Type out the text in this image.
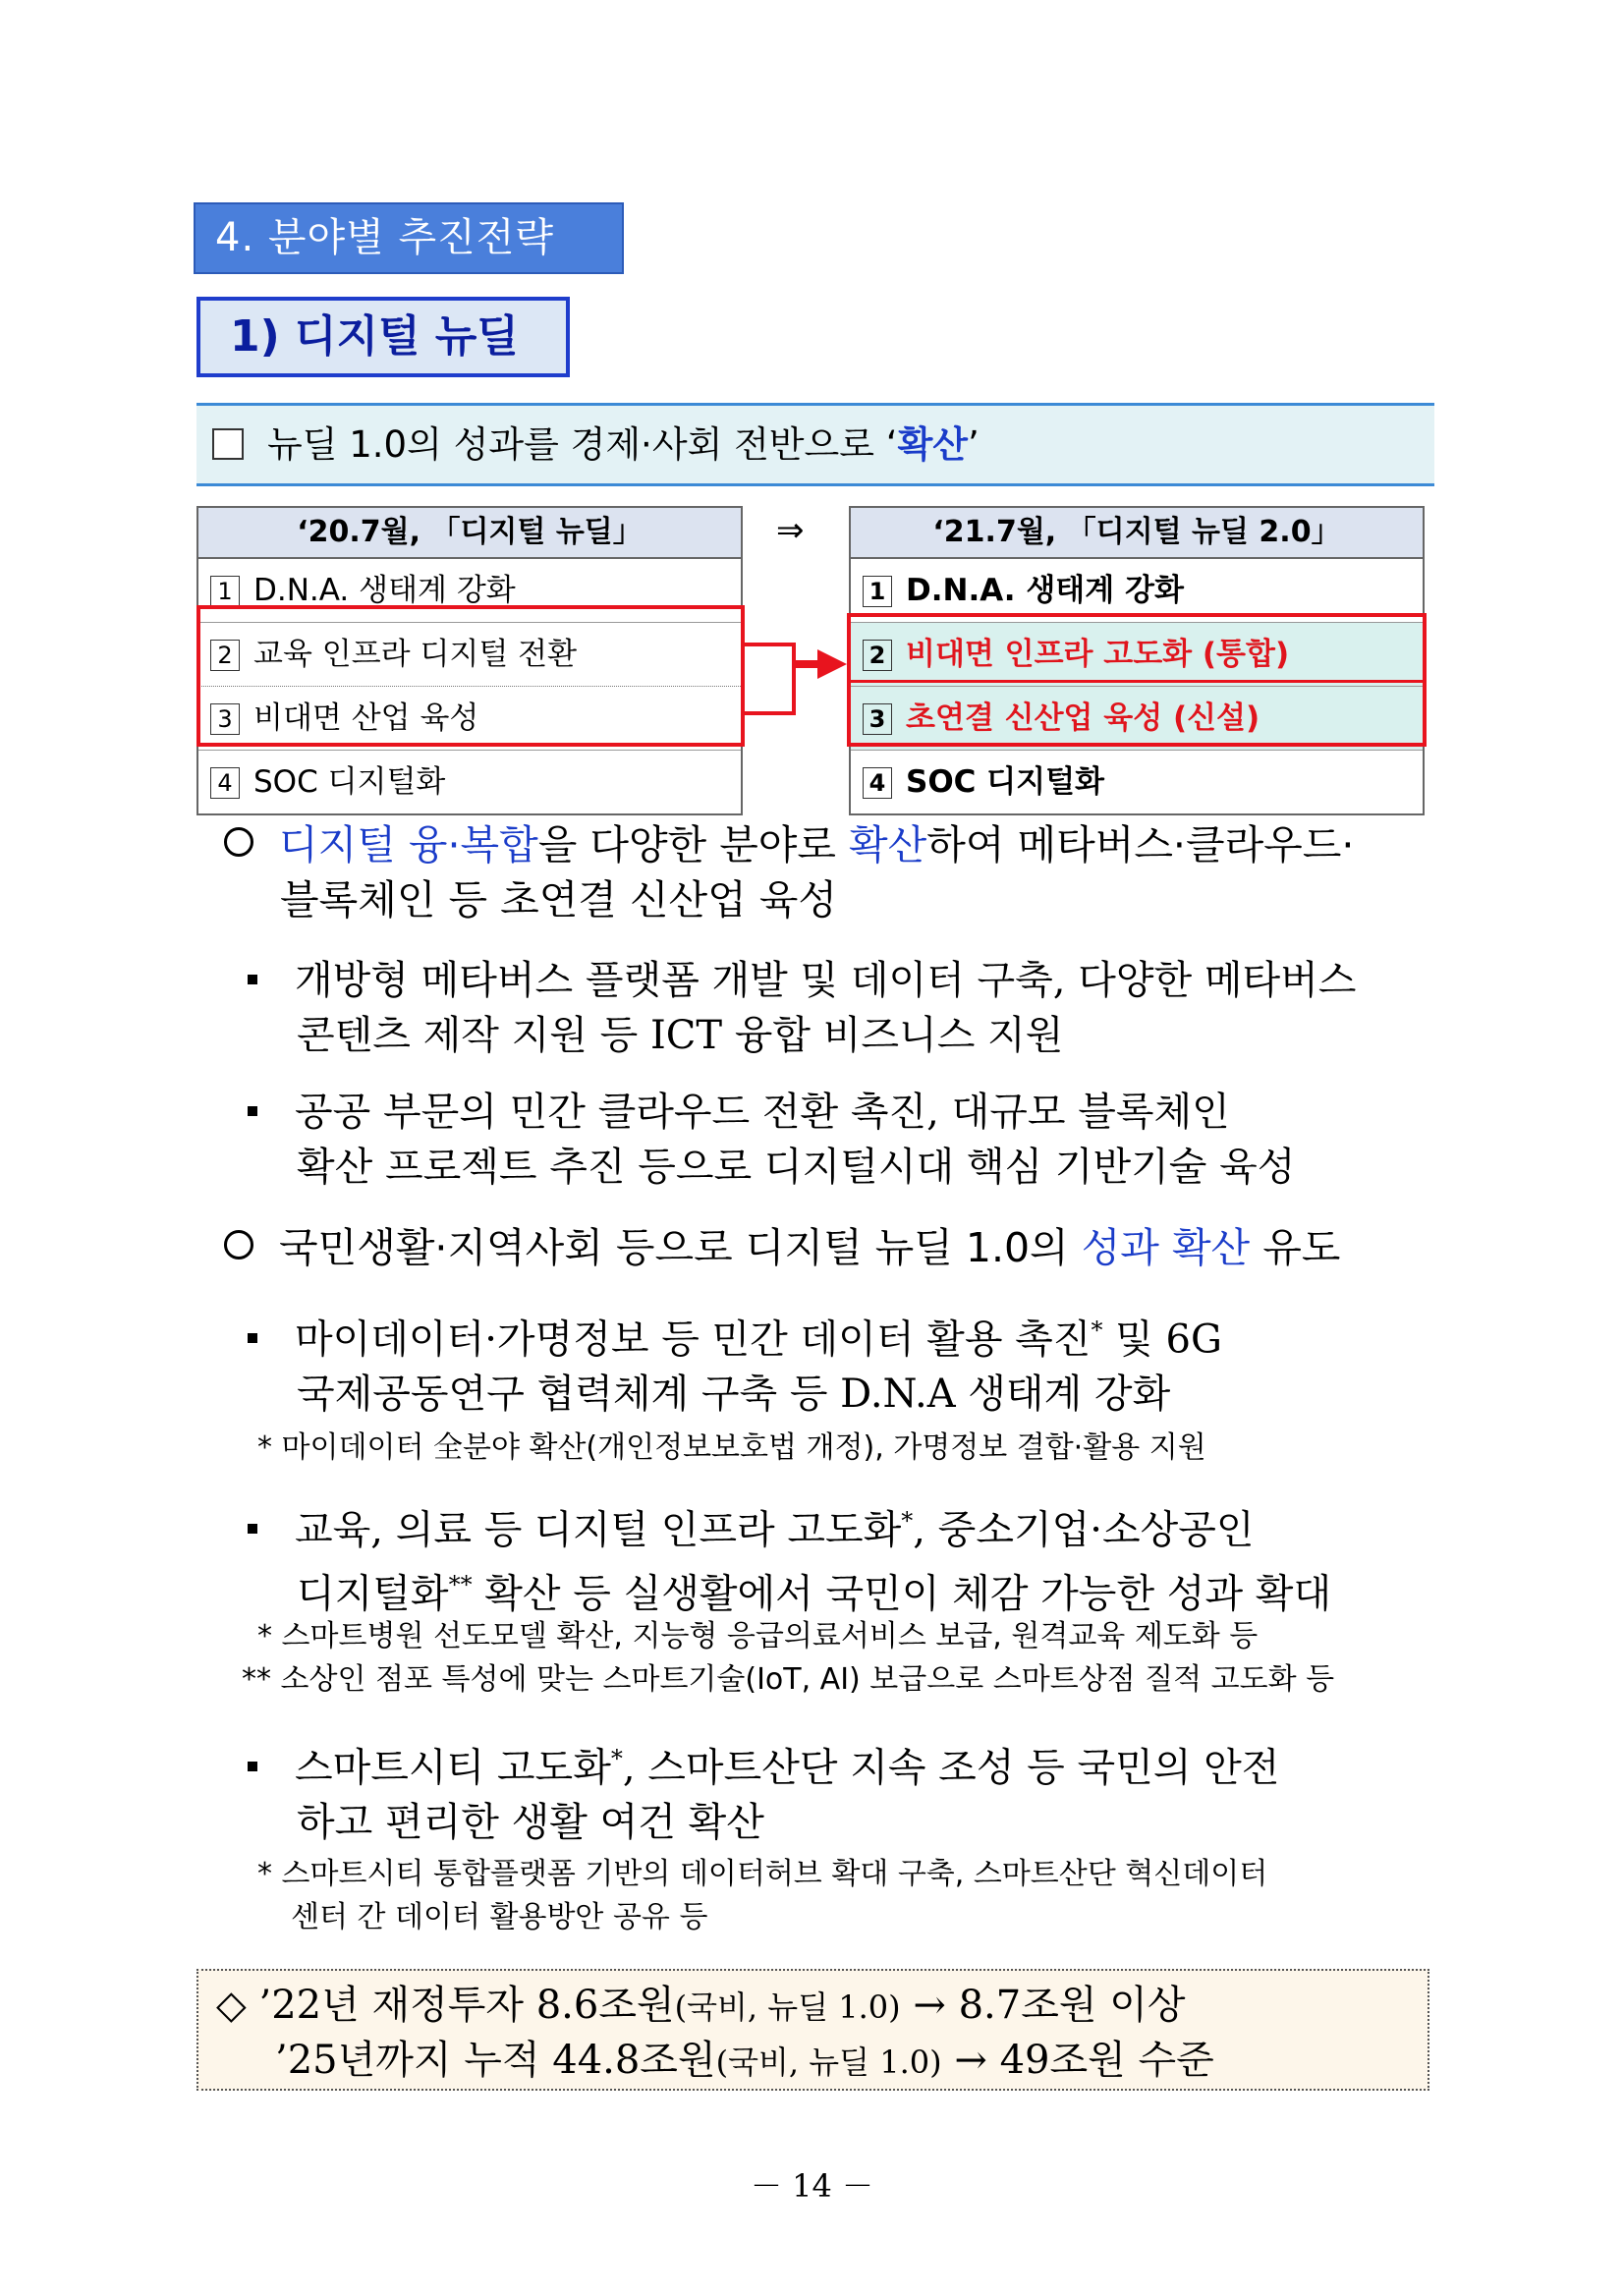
4. 분야별 추진전략
1) 디지털 뉴딜
뉴딜 1.0의 성과를 경제·사회 전반으로 ‘확산’
‘20.7월, 「디지털 뉴딜」
1 D.N.A. 생태계 강화
2 교육 인프라 디지털 전환
3 비대면 산업 육성
4 SOC 디지털화
⇒	‘21.7월, 「디지털 뉴딜 2.0」
1 D.N.A. 생태계 강화
2 비대면 인프라 고도화 (통합)
3 초연결 신산업 육성 (신설)
4 SOC 디지털화
디지털 융·복합을 다양한 분야로 확산하여 메타버스·클라우드·
블록체인 등 초연결 신산업 육성
개방형 메타버스 플랫폼 개발 및 데이터 구축, 다양한 메타버스
콘텐츠 제작 지원 등 ICT 융합 비즈니스 지원
공공 부문의 민간 클라우드 전환 촉진, 대규모 블록체인
확산 프로젝트 추진 등으로 디지털시대 핵심 기반기술 육성
국민생활·지역사회 등으로 디지털 뉴딜 1.0의 성과 확산 유도
마이데이터·가명정보 등 민간 데이터 활용 촉진* 및 6G
국제공동연구 협력체계 구축 등 D.N.A 생태계 강화
* 마이데이터 全분야 확산(개인정보보호법 개정), 가명정보 결합·활용 지원
교육, 의료 등 디지털 인프라 고도화*, 중소기업·소상공인
디지털화** 확산 등 실생활에서 국민이 체감 가능한 성과 확대
* 스마트병원 선도모델 확산, 지능형 응급의료서비스 보급, 원격교육 제도화 등
** 소상인 점포 특성에 맞는 스마트기술(IoT, AI) 보급으로 스마트상점 질적 고도화 등
스마트시티 고도화*, 스마트산단 지속 조성 등 국민의 안전
하고 편리한 생활 여건 확산
* 스마트시티 통합플랫폼 기반의 데이터허브 확대 구축, 스마트산단 혁신데이터
센터 간 데이터 활용방안 공유 등
◇ ’22년 재정투자 8.6조원(국비, 뉴딜 1.0) → 8.7조원 이상
’25년까지 누적 44.8조원(국비, 뉴딜 1.0) → 49조원 수준
－ 14 －
